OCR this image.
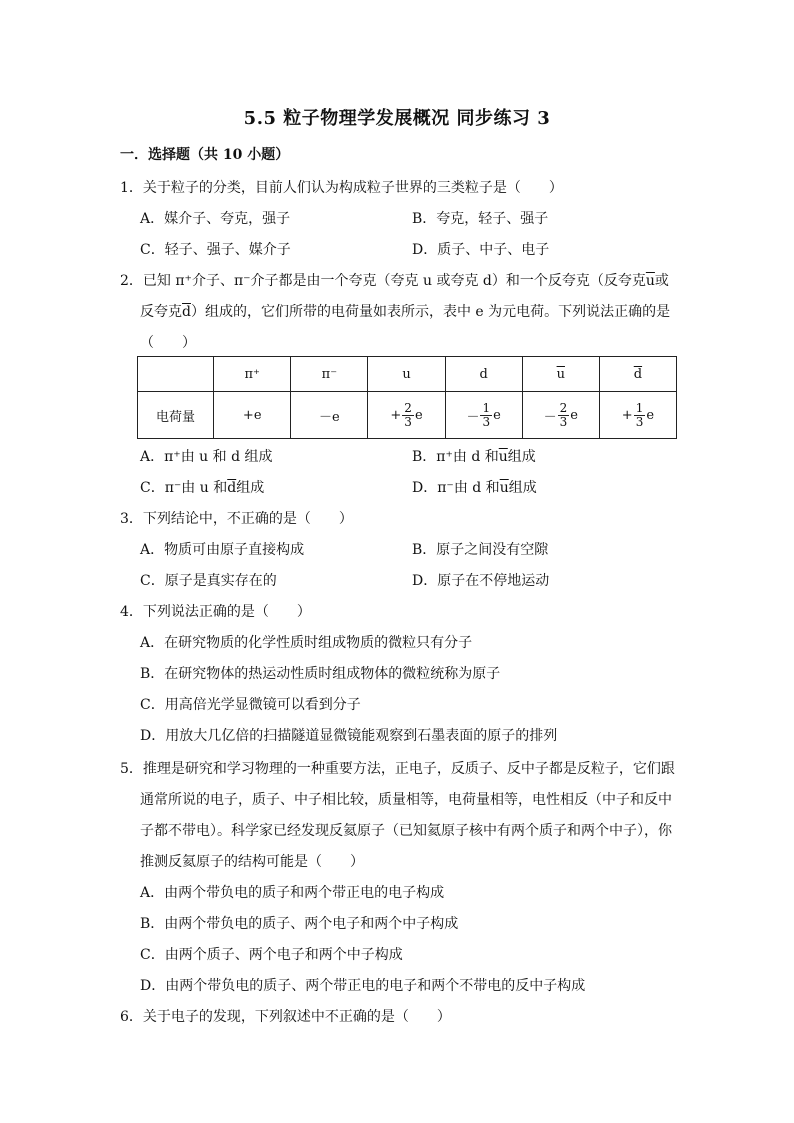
5.5 粒子物理学发展概况 同步练习 3
一．选择题（共 10 小题）
1．关于粒子的分类，目前人们认为构成粒子世界的三类粒子是（　　）
A．媒介子、夸克，强子	B．夸克，轻子、强子
C．轻子、强子、媒介子	D．质子、中子、电子
2．已知 π⁺介子、π⁻介子都是由一个夸克（夸克 u 或夸克 d）和一个反夸克（反夸克$\overline{u}$或
反夸克$\overline{d}$）组成的，它们所带的电荷量如表所示，表中 e 为元电荷。下列说法正确的是
（　　）
	π⁺	π⁻	u	d	$\overline{u}$	$\overline{d}$
电荷量	+e	－e	+ $\frac{2}{3}$ e	－ $\frac{1}{3}$ e	－ $\frac{2}{3}$ e	+ $\frac{1}{3}$ e
A．π⁺由 u 和 d 组成	B．π⁺由 d 和$\overline{u}$组成
C．π⁻由 u 和$\overline{d}$组成	D．π⁻由 d 和$\overline{u}$组成
3．下列结论中，不正确的是（　　）
A．物质可由原子直接构成	B．原子之间没有空隙
C．原子是真实存在的	D．原子在不停地运动
4．下列说法正确的是（　　）
A．在研究物质的化学性质时组成物质的微粒只有分子
B．在研究物体的热运动性质时组成物体的微粒统称为原子
C．用高倍光学显微镜可以看到分子
D．用放大几亿倍的扫描隧道显微镜能观察到石墨表面的原子的排列
5．推理是研究和学习物理的一种重要方法，正电子，反质子、反中子都是反粒子，它们跟
通常所说的电子，质子、中子相比较，质量相等，电荷量相等，电性相反（中子和反中
子都不带电）。科学家已经发现反氦原子（已知氦原子核中有两个质子和两个中子），你
推测反氦原子的结构可能是（　　）
A．由两个带负电的质子和两个带正电的电子构成
B．由两个带负电的质子、两个电子和两个中子构成
C．由两个质子、两个电子和两个中子构成
D．由两个带负电的质子、两个带正电的电子和两个不带电的反中子构成
6．关于电子的发现，下列叙述中不正确的是（　　）
